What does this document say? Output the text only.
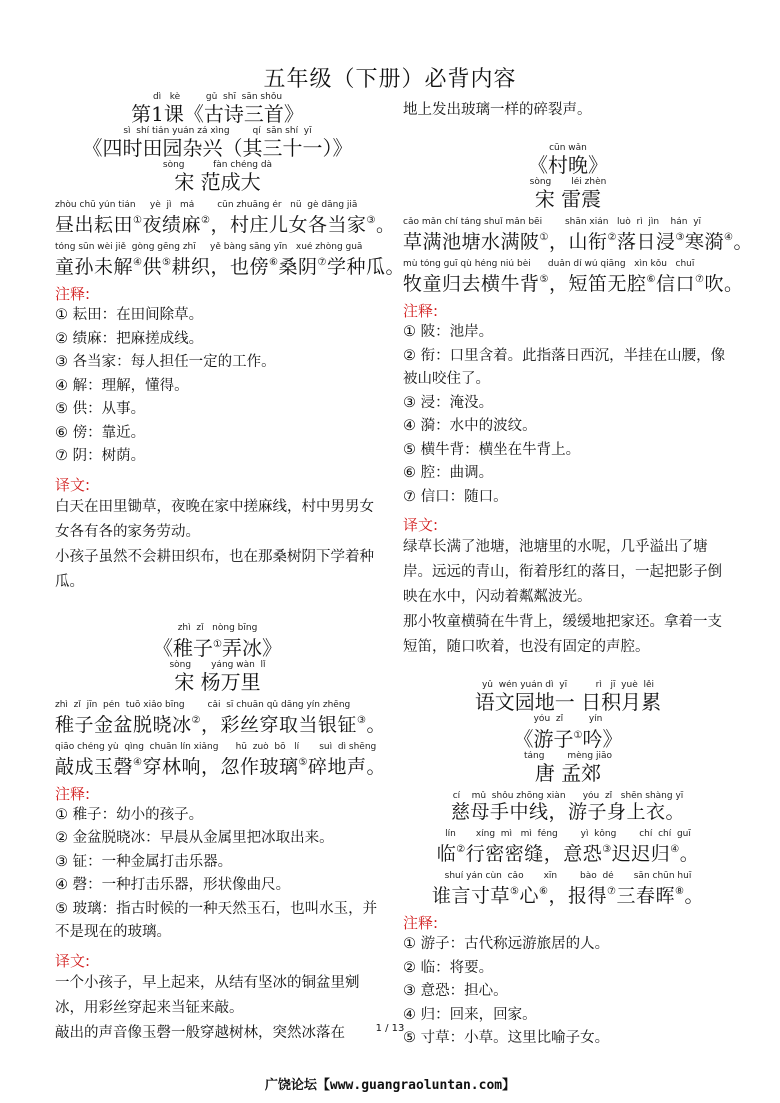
五年级（下册）必背内容
dì   kè         gǔ  shī  sān shǒu
第1课《古诗三首》
sì  shí tián yuán zá xìng        qí  sān shí  yī
《四时田园杂兴（其三十一）》
sòng          fàn chéng dà
宋 范成大
zhòu chū yún tián     yè  jì   má        cūn zhuāng ér   nǚ  gè dāng jiā
昼出耘田①夜绩麻②，村庄儿女各当家③。
tóng sūn wèi jiě  gòng gēng zhī     yě bàng sāng yīn   xué zhòng guā
童孙未解④供⑤耕织，也傍⑥桑阴⑦学种瓜。
注释:
① 耘田：在田间除草。
② 绩麻：把麻搓成线。
③ 各当家：每人担任一定的工作。
④ 解：理解，懂得。
⑤ 供：从事。
⑥ 傍：靠近。
⑦ 阴：树荫。
译文:
白天在田里锄草，夜晚在家中搓麻线，村中男男女女各有各的家务劳动。
小孩子虽然不会耕田织布，也在那桑树阴下学着种瓜。
zhì  zǐ   nòng bīng
《稚子①弄冰》
sòng       yáng wàn  lǐ
宋 杨万里
zhì  zǐ  jīn  pén  tuō xiǎo bīng        cǎi  sī chuān qǔ dāng yín zhēng
稚子金盆脱晓冰②，彩丝穿取当银钲③。
qiāo chéng yù  qìng  chuān lín xiǎng      hū  zuò  bō   lí       suì  dì shēng
敲成玉磬④穿林响，忽作玻璃⑤碎地声。
注释:
① 稚子：幼小的孩子。
② 金盆脱晓冰：早晨从金属里把冰取出来。
③ 钲：一种金属打击乐器。
④ 磬：一种打击乐器，形状像曲尺。
⑤ 玻璃：指古时候的一种天然玉石，也叫水玉，并不是现在的玻璃。
译文:
一个小孩子，早上起来，从结有坚冰的铜盆里剜冰，用彩丝穿起来当钲来敲。
敲出的声音像玉磬一般穿越树林，突然冰落在
地上发出玻璃一样的碎裂声。
cūn wǎn
《村晚》
sòng       léi zhèn
宋 雷震
cǎo mǎn chí táng shuǐ mǎn bēi        shān xián   luò  rì  jìn    hán  yī
草满池塘水满陂①，山衔②落日浸③寒漪④。
mù tóng guī qù héng niú bèi      duǎn dí wú qiāng   xìn kǒu   chuī
牧童归去横牛背⑤，短笛无腔⑥信口⑦吹。
注释:
① 陂：池岸。
② 衔：口里含着。此指落日西沉，半挂在山腰，像被山咬住了。
③ 浸：淹没。
④ 漪：水中的波纹。
⑤ 横牛背：横坐在牛背上。
⑥ 腔：曲调。
⑦ 信口：随口。
译文:
绿草长满了池塘，池塘里的水呢，几乎溢出了塘岸。远远的青山，衔着彤红的落日，一起把影子倒映在水中，闪动着粼粼波光。
那小牧童横骑在牛背上，缓缓地把家还。拿着一支短笛，随口吹着，也没有固定的声腔。
yǔ  wén yuán dì  yī          rì   jī  yuè  lěi
语文园地一 日积月累
yóu  zǐ         yín
《游子①吟》
táng        mèng jiāo
唐 孟郊
cí    mǔ  shǒu zhōng xiàn      yóu  zǐ   shēn shàng yī
慈母手中线，游子身上衣。
lín       xíng  mì   mì  féng        yì  kǒng        chí  chí  guī
临②行密密缝，意恐③迟迟归④。
shuí yán cùn  cǎo       xīn        bào  dé       sān chūn huī
谁言寸草⑤心⑥，报得⑦三春晖⑧。
注释:
① 游子：古代称远游旅居的人。
② 临：将要。
③ 意恐：担心。
④ 归：回来，回家。
⑤ 寸草：小草。这里比喻子女。
1 / 13
广饶论坛【www.guangraoluntan.com】
